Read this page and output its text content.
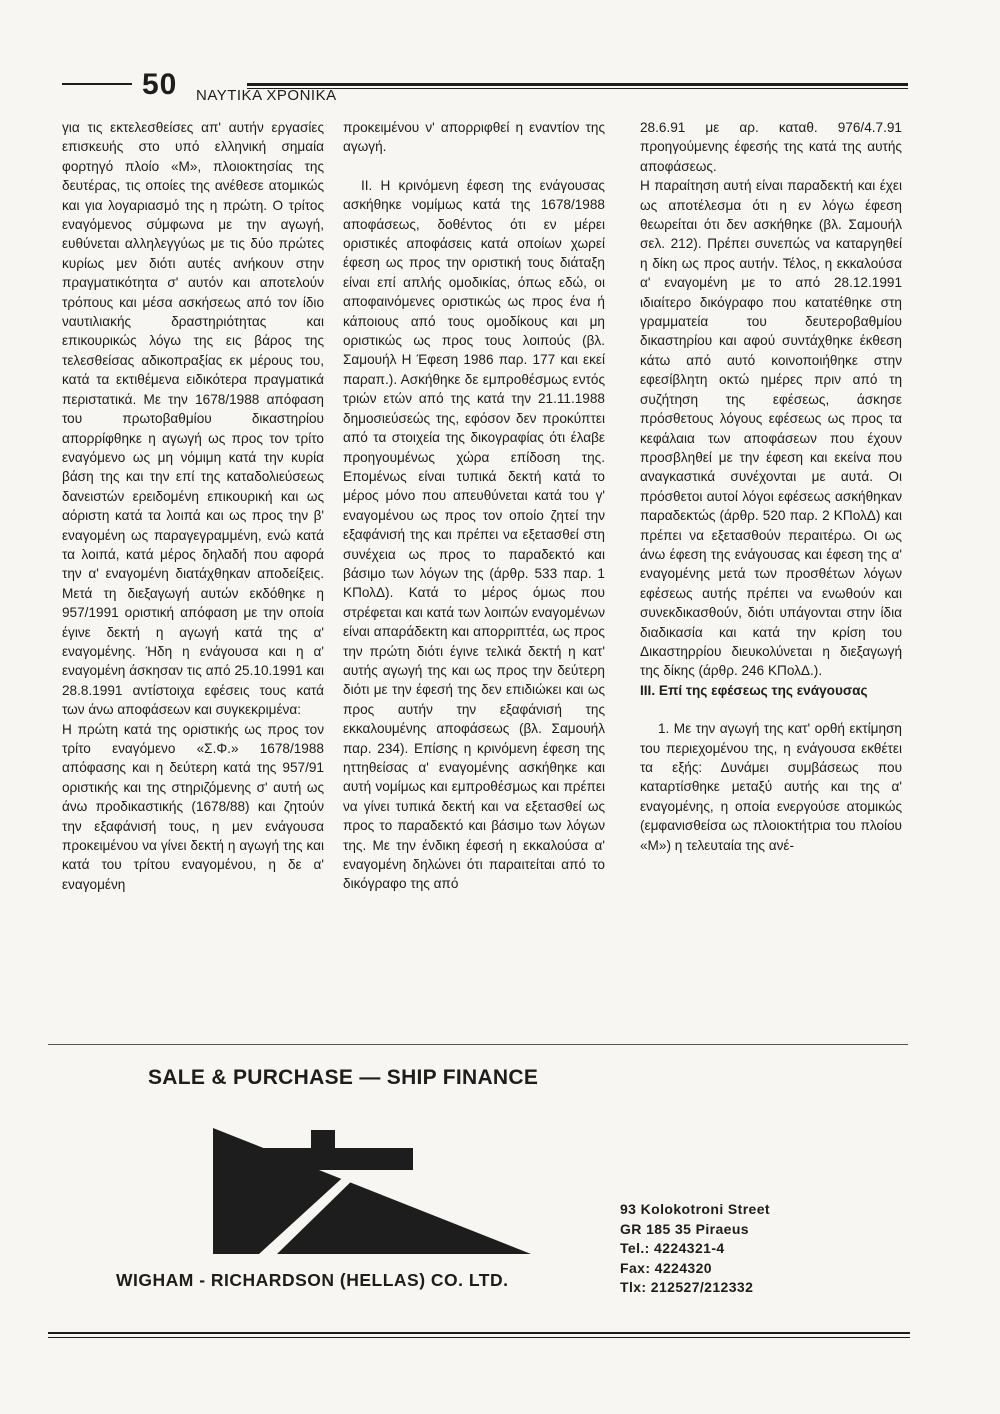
50 ΝΑΥΤΙΚΑ ΧΡΟΝΙΚΑ

για τις εκτελεσθείσες απ' αυτήν εργασίες επισκευής στο υπό ελληνική σημαία φορτηγό πλοίο «Μ», πλοιοκτησίας της δευτέρας, τις οποίες της ανέθεσε ατομικώς και για λογαριασμό της η πρώτη. Ο τρίτος εναγόμενος σύμφωνα με την αγωγή, ευθύνεται αλληλεγγύως με τις δύο πρώτες κυρίως μεν διότι αυτές ανήκουν στην πραγματικότητα σ' αυτόν και αποτελούν τρόπους και μέσα ασκήσεως από τον ίδιο ναυτιλιακής δραστηριότητας και επικουρικώς λόγω της εις βάρος της τελεσθείσας αδικοπραξίας εκ μέρους του, κατά τα εκτιθέμενα ειδικότερα πραγματικά περιστατικά. Με την 1678/1988 απόφαση του πρωτοβαθμίου δικαστηρίου απορρίφθηκε η αγωγή ως προς τον τρίτο εναγόμενο ως μη νόμιμη κατά την κυρία βάση της και την επί της καταδολιεύσεως δανειστών ερειδομένη επικουρική και ως αόριστη κατά τα λοιπά και ως προς την β' εναγομένη ως παραγεγραμμένη, ενώ κατά τα λοιπά, κατά μέρος δηλαδή που αφορά την α' εναγομένη διατάχθηκαν αποδείξεις. Μετά τη διεξαγωγή αυτών εκδόθηκε η 957/1991 οριστική απόφαση με την οποία έγινε δεκτή η αγωγή κατά της α' εναγομένης. Ήδη η ενάγουσα και η α' εναγομένη άσκησαν τις από 25.10.1991 και 28.8.1991 αντίστοιχα εφέσεις τους κατά των άνω αποφάσεων και συγκεκριμένα:

Η πρώτη κατά της οριστικής ως προς τον τρίτο εναγόμενο «Σ.Φ.» 1678/1988 απόφασης και η δεύτερη κατά της 957/91 οριστικής και της στηριζόμενης σ' αυτή ως άνω προδικαστικής (1678/88) και ζητούν την εξαφάνισή τους, η μεν ενάγουσα προκειμένου να γίνει δεκτή η αγωγή της και κατά του τρίτου εναγομένου, η δε α' εναγομένη

προκειμένου ν' απορριφθεί η εναντίον της αγωγή.

ΙΙ. Η κρινόμενη έφεση της ενάγουσας ασκήθηκε νομίμως κατά της 1678/1988 αποφάσεως, δοθέντος ότι εν μέρει οριστικές αποφάσεις κατά οποίων χωρεί έφεση ως προς την οριστική τους διάταξη είναι επί απλής ομοδικίας, όπως εδώ, οι αποφαινόμενες οριστικώς ως προς ένα ή κάποιους από τους ομοδίκους και μη οριστικώς ως προς τους λοιπούς (βλ. Σαμουήλ Η Έφεση 1986 παρ. 177 και εκεί παραπ.). Ασκήθηκε δε εμπροθέσμως εντός τριών ετών από της κατά την 21.11.1988 δημοσιεύσεώς της, εφόσον δεν προκύπτει από τα στοιχεία της δικογραφίας ότι έλαβε προηγουμένως χώρα επίδοση της. Επομένως είναι τυπικά δεκτή κατά το μέρος μόνο που απευθύνεται κατά του γ' εναγομένου ως προς τον οποίο ζητεί την εξαφάνισή της και πρέπει να εξετασθεί στη συνέχεια ως προς το παραδεκτό και βάσιμο των λόγων της (άρθρ. 533 παρ. 1 ΚΠολΔ). Κατά το μέρος όμως που στρέφεται και κατά των λοιπών εναγομένων είναι απαράδεκτη και απορριπτέα, ως προς την πρώτη διότι έγινε τελικά δεκτή η κατ' αυτής αγωγή της και ως προς την δεύτερη διότι με την έφεσή της δεν επιδιώκει και ως προς αυτήν την εξαφάνισή της εκκαλουμένης αποφάσεως (βλ. Σαμουήλ παρ. 234). Επίσης η κρινόμενη έφεση της ηττηθείσας α' εναγομένης ασκήθηκε και αυτή νομίμως και εμπροθέσμως και πρέπει να γίνει τυπικά δεκτή και να εξετασθεί ως προς το παραδεκτό και βάσιμο των λόγων της. Με την ένδικη έφεσή η εκκαλούσα α' εναγομένη δηλώνει ότι παραιτείται από το δικόγραφο της από

28.6.91 με αρ. καταθ. 976/4.7.91 προηγούμενης έφεσής της κατά της αυτής αποφάσεως.

Η παραίτηση αυτή είναι παραδεκτή και έχει ως αποτέλεσμα ότι η εν λόγω έφεση θεωρείται ότι δεν ασκήθηκε (βλ. Σαμουήλ σελ. 212). Πρέπει συνεπώς να καταργηθεί η δίκη ως προς αυτήν. Τέλος, η εκκαλούσα α' εναγομένη με το από 28.12.1991 ιδιαίτερο δικόγραφο που κατατέθηκε στη γραμματεία του δευτεροβαθμίου δικαστηρίου και αφού συντάχθηκε έκθεση κάτω από αυτό κοινοποιήθηκε στην εφεσίβλητη οκτώ ημέρες πριν από τη συζήτηση της εφέσεως, άσκησε πρόσθετους λόγους εφέσεως ως προς τα κεφάλαια των αποφάσεων που έχουν προσβληθεί με την έφεση και εκείνα που αναγκαστικά συνέχονται με αυτά. Οι πρόσθετοι αυτοί λόγοι εφέσεως ασκήθηκαν παραδεκτώς (άρθρ. 520 παρ. 2 ΚΠολΔ) και πρέπει να εξετασθούν περαιτέρω. Οι ως άνω έφεση της ενάγουσας και έφεση της α' εναγομένης μετά των προσθέτων λόγων εφέσεως αυτής πρέπει να ενωθούν και συνεκδικασθούν, διότι υπάγονται στην ίδια διαδικασία και κατά την κρίση του Δικαστηρρίου διευκολύνεται η διεξαγωγή της δίκης (άρθρ. 246 ΚΠολΔ.).

ΙΙΙ. Επί της εφέσεως της ενάγουσας

1. Με την αγωγή της κατ' ορθή εκτίμηση του περιεχομένου της, η ενάγουσα εκθέτει τα εξής: Δυνάμει συμβάσεως που καταρτίσθηκε μεταξύ αυτής και της α' εναγομένης, η οποία ενεργούσε ατομικώς (εμφανισθείσα ως πλοιοκτήτρια του πλοίου «Μ») η τελευταία της ανέ-

SALE & PURCHASE — SHIP FINANCE
WIGHAM - RICHARDSON (HELLAS) CO. LTD.
93 Kolokotroni Street
GR 185 35 Piraeus
Tel.: 4224321-4
Fax: 4224320
Tlx: 212527/212332
